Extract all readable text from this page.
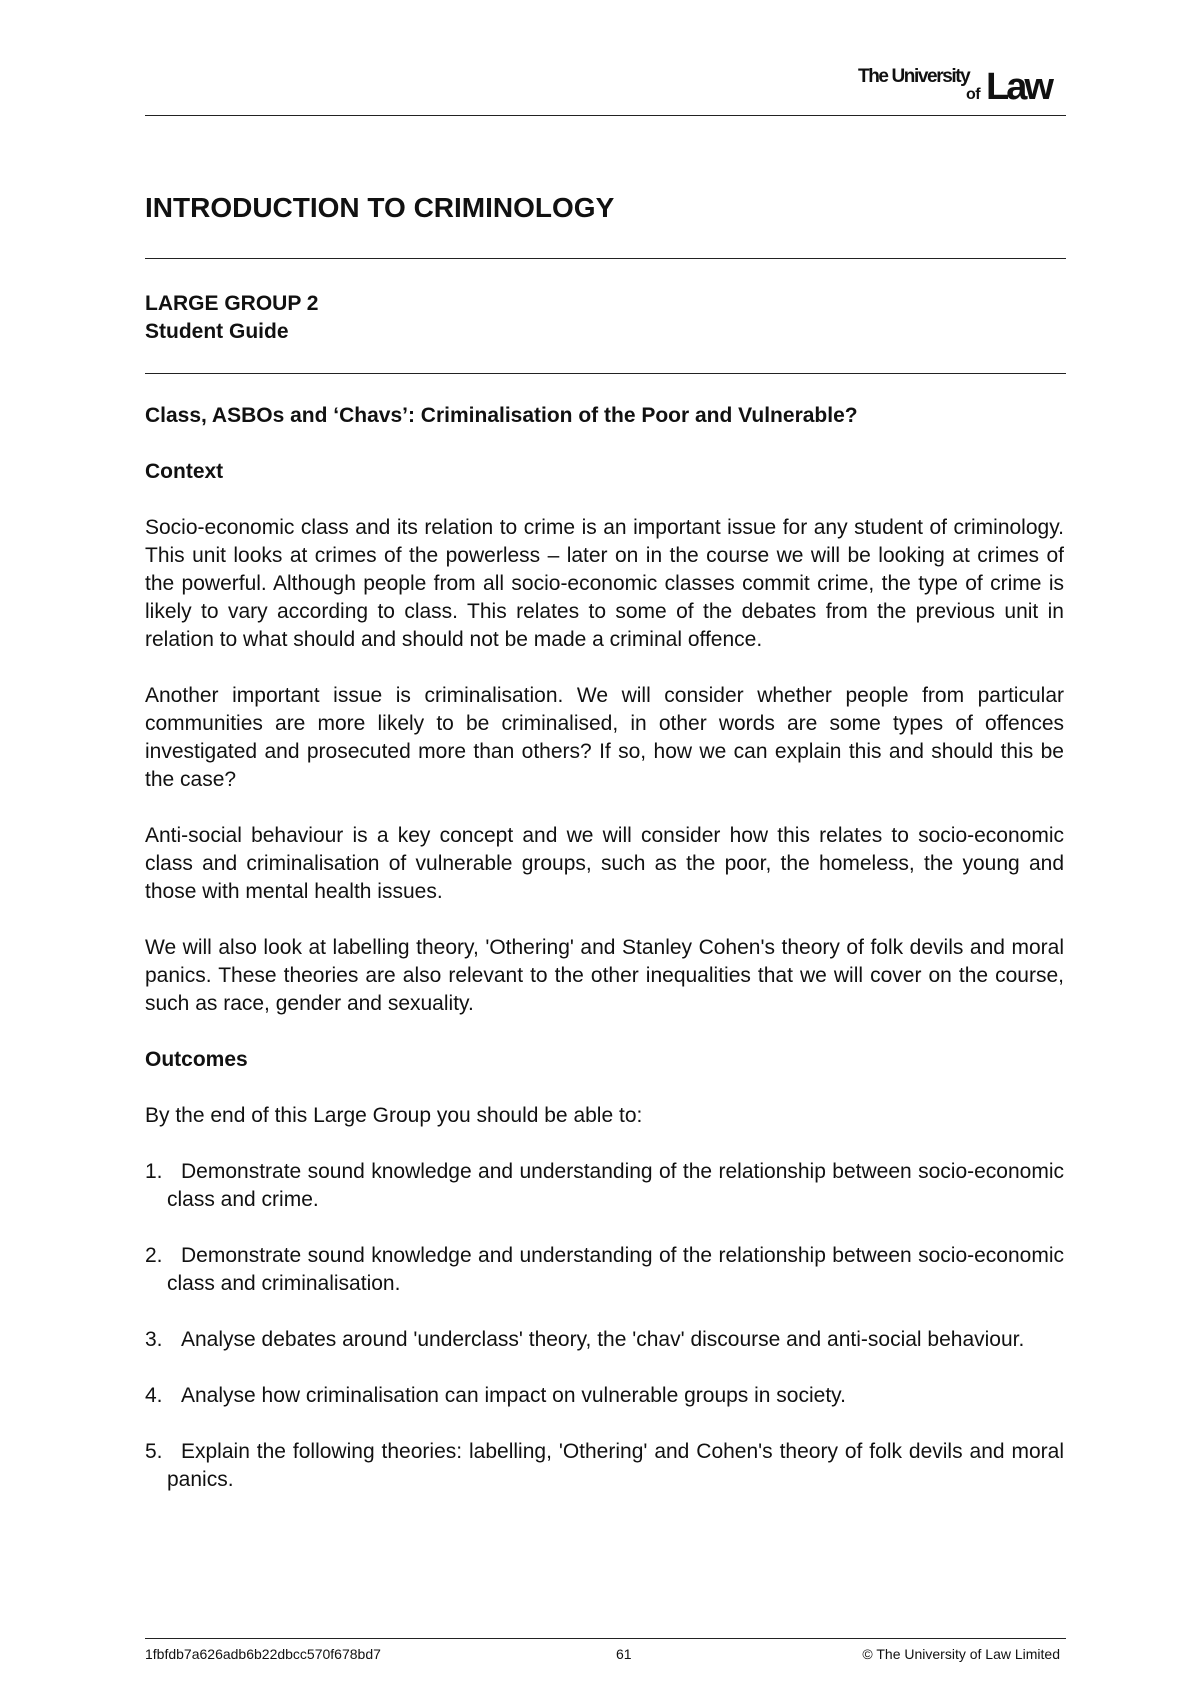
The University
of Law
INTRODUCTION TO CRIMINOLOGY
LARGE GROUP 2
Student Guide
Class, ASBOs and ‘Chavs’: Criminalisation of the Poor and Vulnerable?
Context

Socio-economic class and its relation to crime is an important issue for any student of criminology. This unit looks at crimes of the powerless – later on in the course we will be looking at crimes of the powerful. Although people from all socio-economic classes commit crime, the type of crime is likely to vary according to class. This relates to some of the debates from the previous unit in relation to what should and should not be made a criminal offence.

Another important issue is criminalisation. We will consider whether people from particular communities are more likely to be criminalised, in other words are some types of offences investigated and prosecuted more than others? If so, how we can explain this and should this be the case?

Anti-social behaviour is a key concept and we will consider how this relates to socio-economic class and criminalisation of vulnerable groups, such as the poor, the homeless, the young and those with mental health issues.

We will also look at labelling theory, 'Othering' and Stanley Cohen's theory of folk devils and moral panics. These theories are also relevant to the other inequalities that we will cover on the course, such as race, gender and sexuality.

Outcomes

By the end of this Large Group you should be able to:

1. Demonstrate sound knowledge and understanding of the relationship between socio-economic class and crime.
2. Demonstrate sound knowledge and understanding of the relationship between socio-economic class and criminalisation.
3. Analyse debates around 'underclass' theory, the 'chav' discourse and anti-social behaviour.
4. Analyse how criminalisation can impact on vulnerable groups in society.
5. Explain the following theories: labelling, 'Othering' and Cohen's theory of folk devils and moral panics.
1fbfdb7a626adb6b22dbcc570f678bd7	61	© The University of Law Limited
